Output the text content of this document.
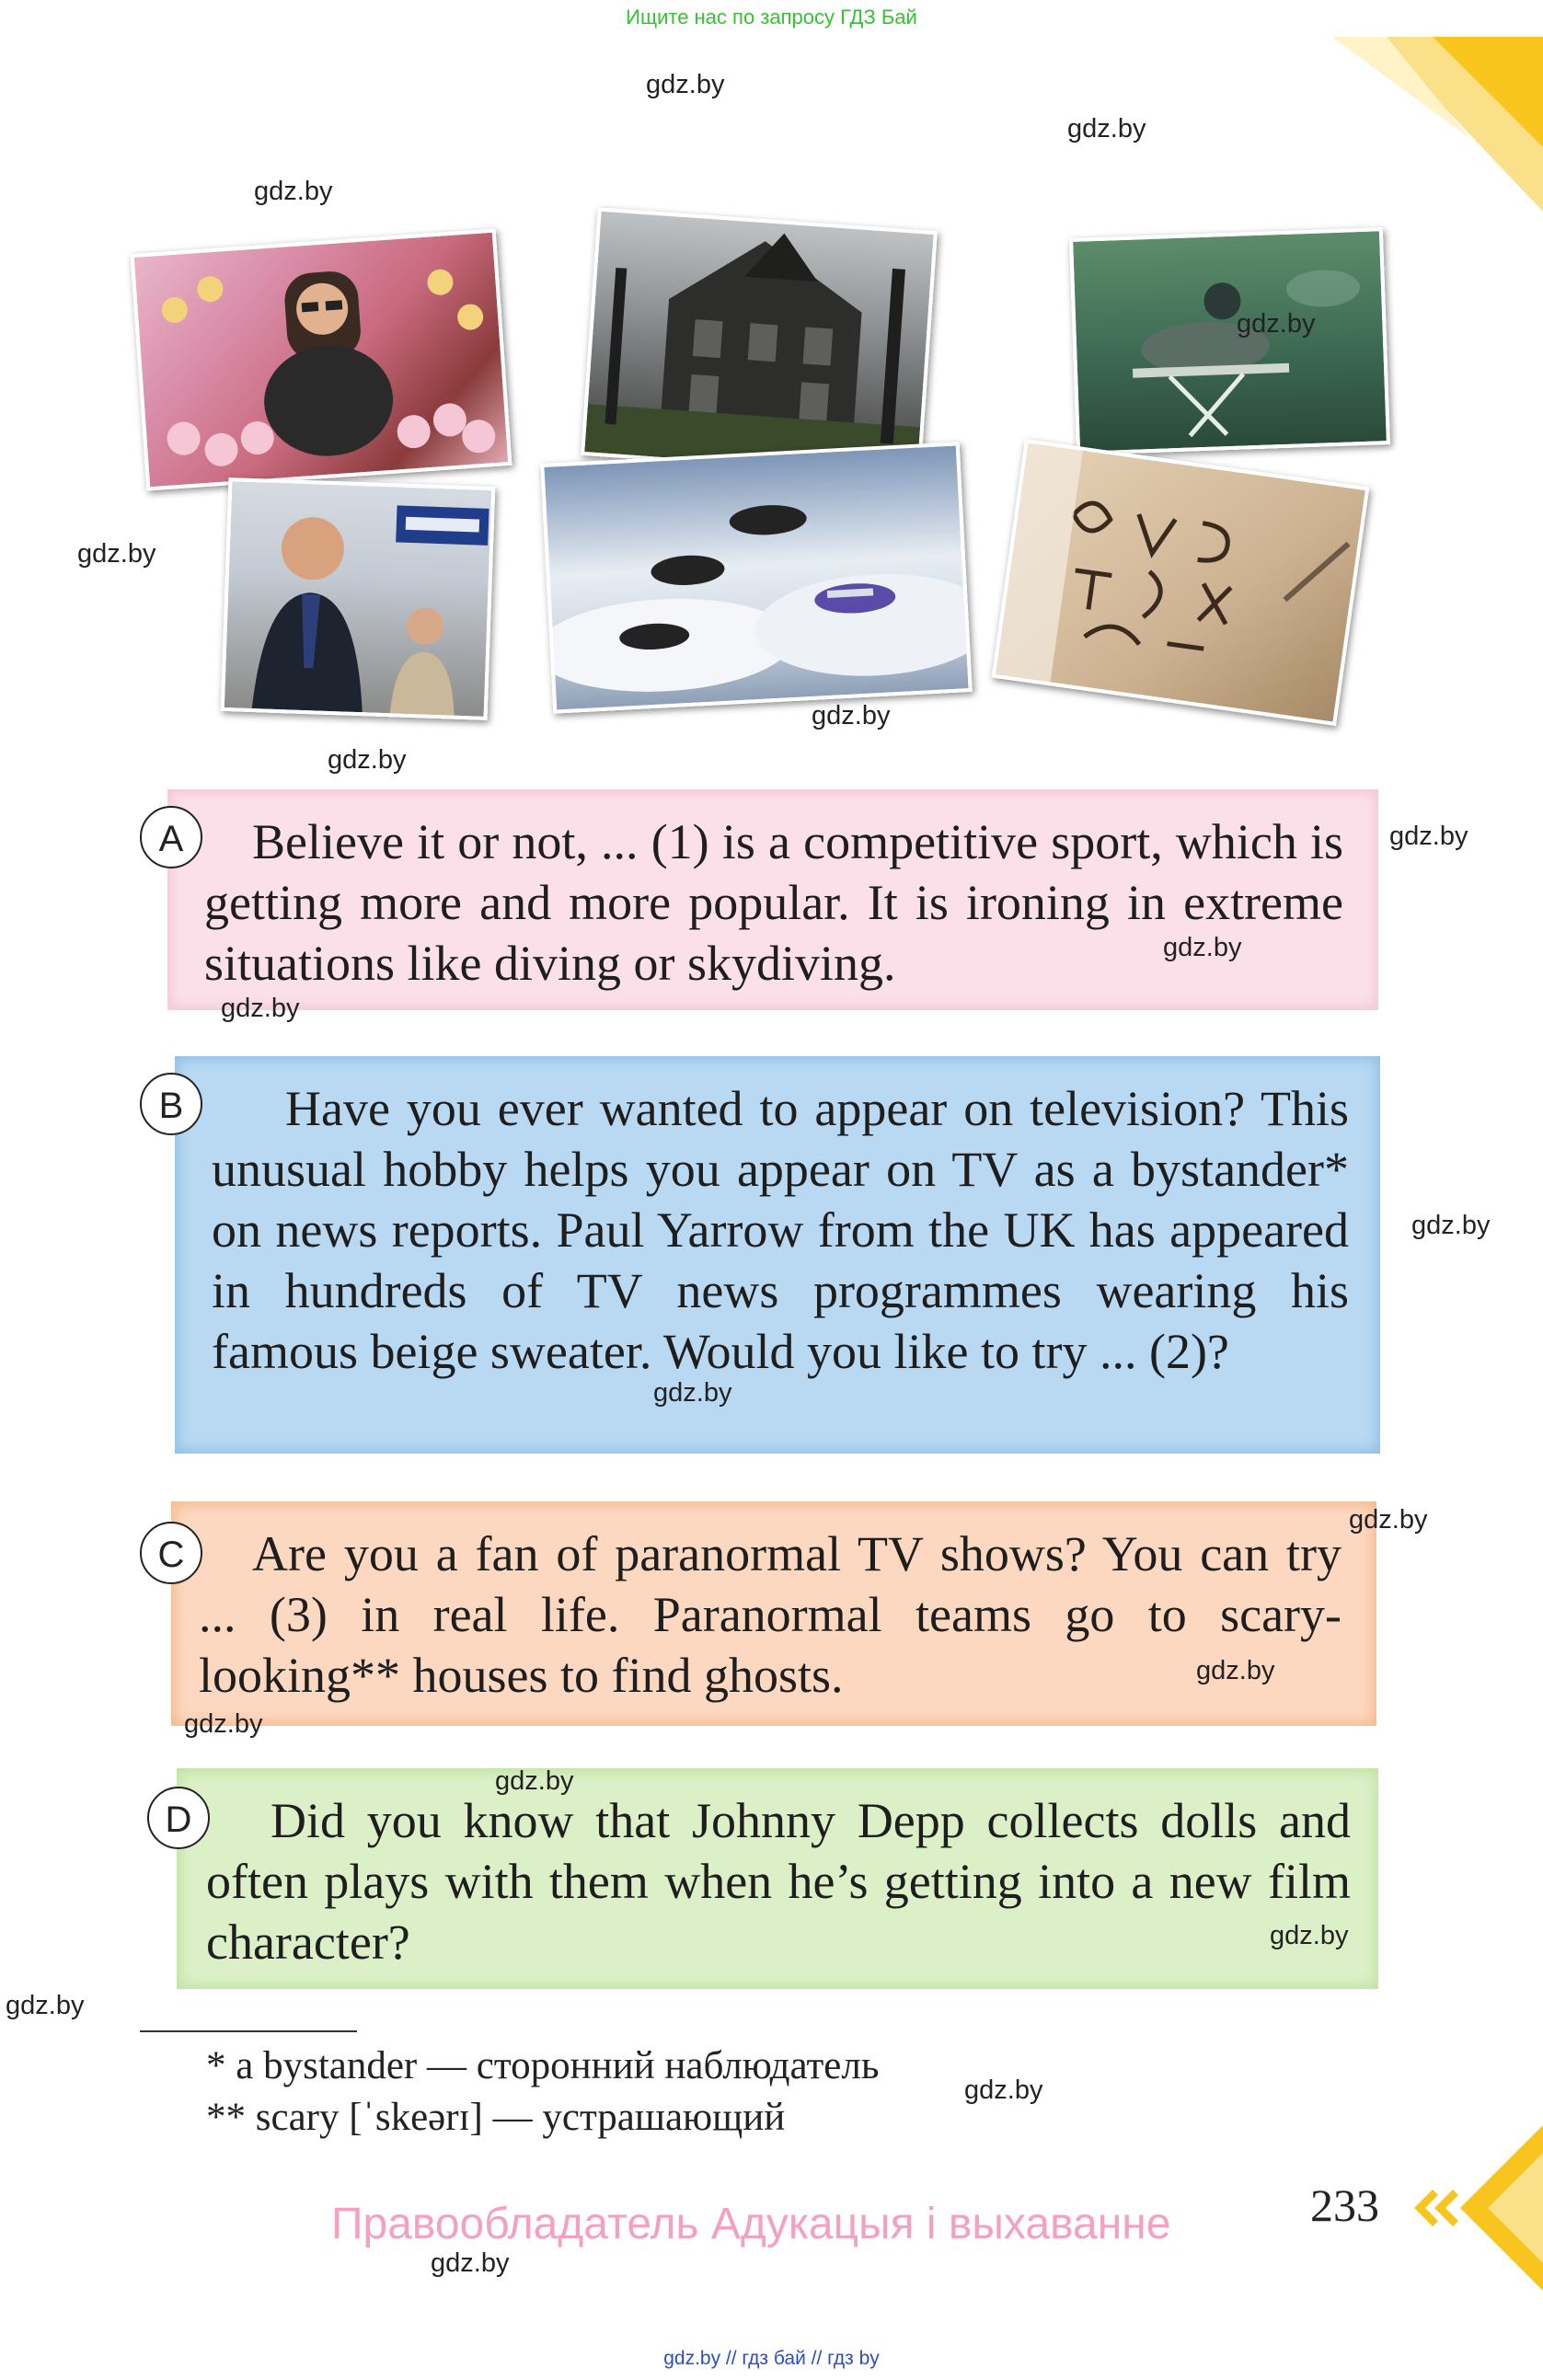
Ищите нас по запросу ГДЗ Бай

Believe it or not, ... (1) is a competitive sport, which is getting more and more popular. It is ironing in extreme situations like diving or skydiving.

A

Have you ever wanted to appear on television? This unusual hobby helps you appear on TV as a bystander* on news reports. Paul Yarrow from the UK has appeared in hundreds of TV news programmes wearing his famous beige sweater. Would you like to try ... (2)?

B

Are you a fan of paranormal TV shows? You can try ... (3) in real life. Paranormal teams go to scary-looking** houses to find ghosts.

C

Did you know that Johnny Depp collects dolls and often plays with them when he’s getting into a new film character?

D
* a bystander — сторонний наблюдатель
** scary [ˈskeərɪ] — устрашающий
Правообладатель Адукацыя і выхаванне	233
gdz.by // гдз бай // гдз by
gdz.by
gdz.by
gdz.by
gdz.by
gdz.by
gdz.by
gdz.by
gdz.by
gdz.by
gdz.by
gdz.by
gdz.by
gdz.by
gdz.by
gdz.by
gdz.by
gdz.by
gdz.by
gdz.by
gdz.by
